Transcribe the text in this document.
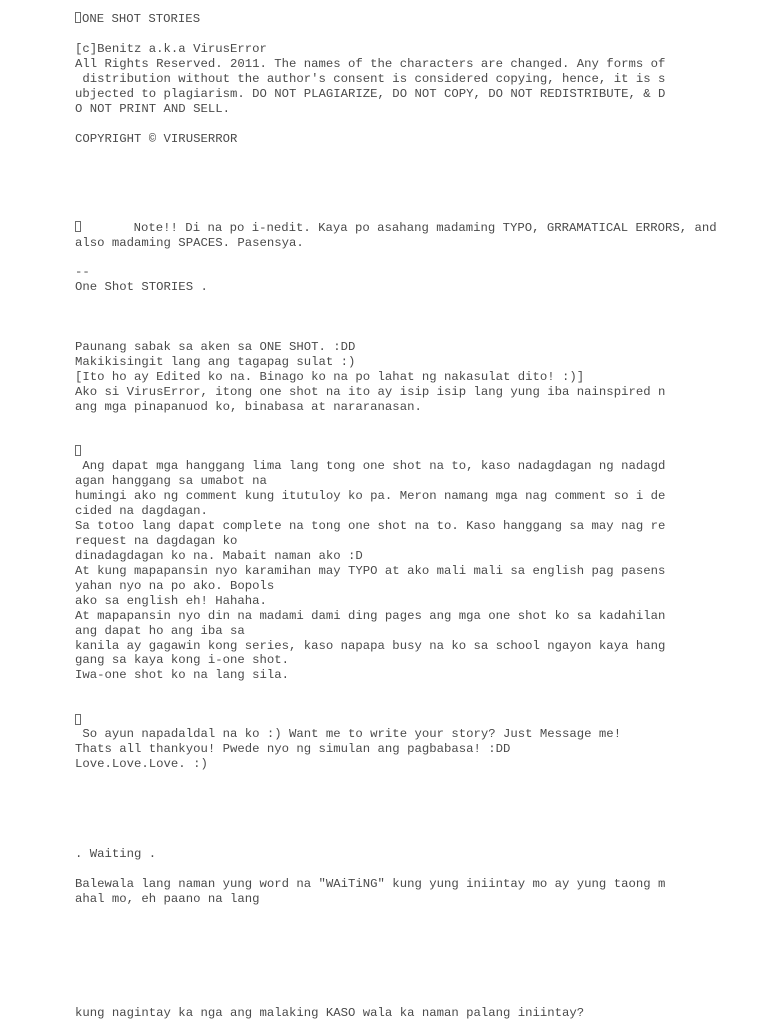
ONE SHOT STORIES
[c]Benitz a.k.a VirusError
All Rights Reserved. 2011. The names of the characters are changed. Any forms of
distribution without the author's consent is considered copying, hence, it is s
ubjected to plagiarism. DO NOT PLAGIARIZE, DO NOT COPY, DO NOT REDISTRIBUTE, & D
O NOT PRINT AND SELL.
COPYRIGHT © VIRUSERROR
Note!! Di na po i-nedit. Kaya po asahang madaming TYPO, GRRAMATICAL ERRORS, and
also madaming SPACES. Pasensya.
--
One Shot STORIES .
Paunang sabak sa aken sa ONE SHOT. :DD
Makikisingit lang ang tagapag sulat :)
[Ito ho ay Edited ko na. Binago ko na po lahat ng nakasulat dito! :)]
Ako si VirusError, itong one shot na ito ay isip isip lang yung iba nainspired n
ang mga pinapanuod ko, binabasa at nararanasan.
Ang dapat mga hanggang lima lang tong one shot na to, kaso nadagdagan ng nadagd
agan hanggang sa umabot na
humingi ako ng comment kung itutuloy ko pa. Meron namang mga nag comment so i de
cided na dagdagan.
Sa totoo lang dapat complete na tong one shot na to. Kaso hanggang sa may nag re
request na dagdagan ko
dinadagdagan ko na. Mabait naman ako :D
At kung mapapansin nyo karamihan may TYPO at ako mali mali sa english pag pasens
yahan nyo na po ako. Bopols
ako sa english eh! Hahaha.
At mapapansin nyo din na madami dami ding pages ang mga one shot ko sa kadahilan
ang dapat ho ang iba sa
kanila ay gagawin kong series, kaso napapa busy na ko sa school ngayon kaya hang
gang sa kaya kong i-one shot.
Iwa-one shot ko na lang sila.
So ayun napadaldal na ko :) Want me to write your story? Just Message me!
Thats all thankyou! Pwede nyo ng simulan ang pagbabasa! :DD
Love.Love.Love. :)
. Waiting .
Balewala lang naman yung word na "WAiTiNG" kung yung iniintay mo ay yung taong m
ahal mo, eh paano na lang
kung nagintay ka nga ang malaking KASO wala ka naman palang iniintay?
